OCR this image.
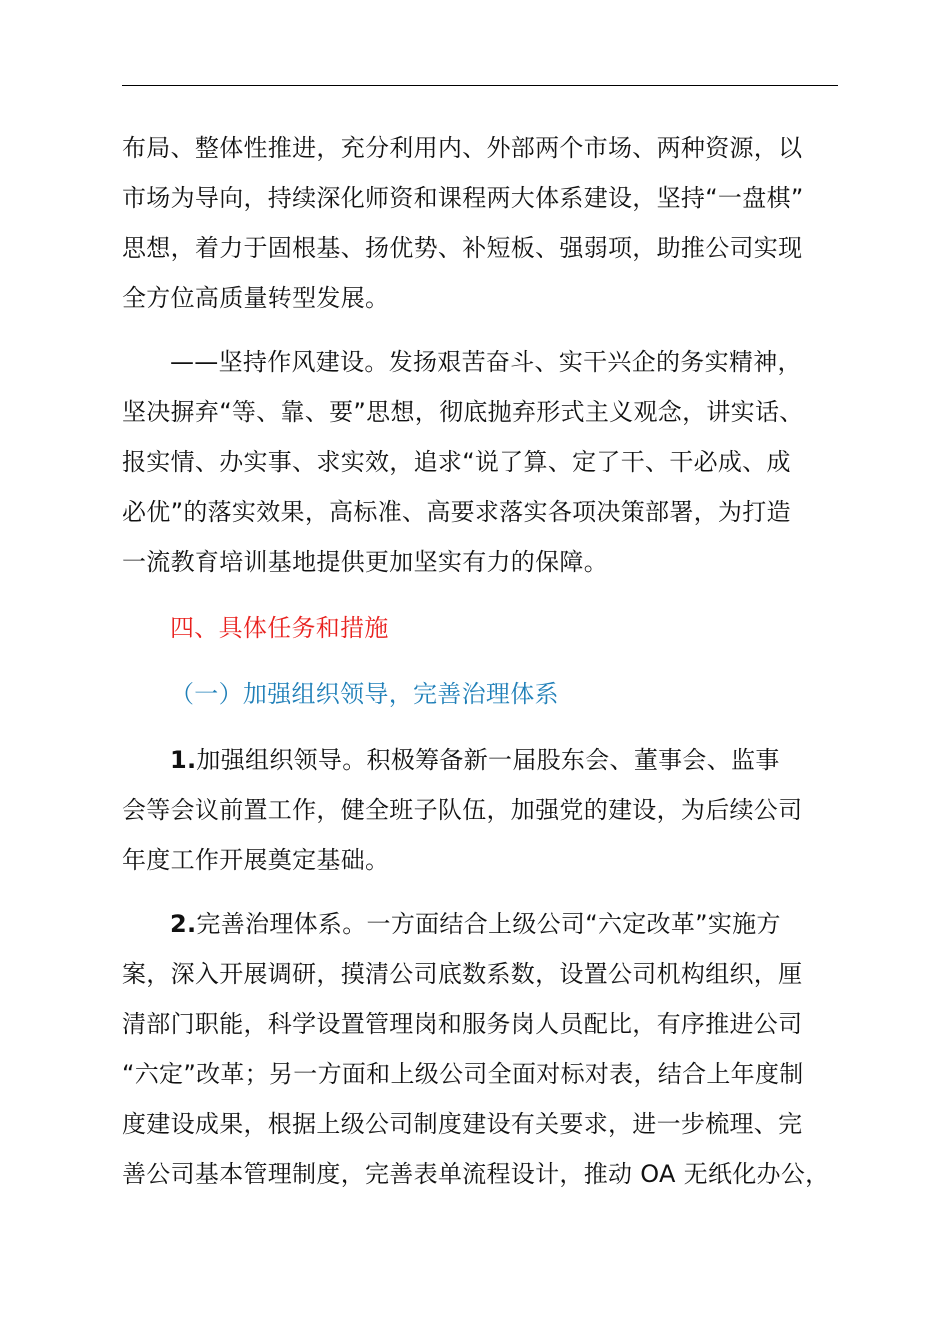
布局、整体性推进，充分利用内、外部两个市场、两种资源，以
市场为导向，持续深化师资和课程两大体系建设，坚持“一盘棋”
思想，着力于固根基、扬优势、补短板、强弱项，助推公司实现
全方位高质量转型发展。
——坚持作风建设。发扬艰苦奋斗、实干兴企的务实精神，
坚决摒弃“等、靠、要”思想，彻底抛弃形式主义观念，讲实话、
报实情、办实事、求实效，追求“说了算、定了干、干必成、成
必优”的落实效果，高标准、高要求落实各项决策部署，为打造
一流教育培训基地提供更加坚实有力的保障。
四、具体任务和措施
（一）加强组织领导，完善治理体系
1.加强组织领导。积极筹备新一届股东会、董事会、监事
会等会议前置工作，健全班子队伍，加强党的建设，为后续公司
年度工作开展奠定基础。
2.完善治理体系。一方面结合上级公司“六定改革”实施方
案，深入开展调研，摸清公司底数系数，设置公司机构组织，厘
清部门职能，科学设置管理岗和服务岗人员配比，有序推进公司
“六定”改革；另一方面和上级公司全面对标对表，结合上年度制
度建设成果，根据上级公司制度建设有关要求，进一步梳理、完
善公司基本管理制度，完善表单流程设计，推动 OA 无纸化办公，
